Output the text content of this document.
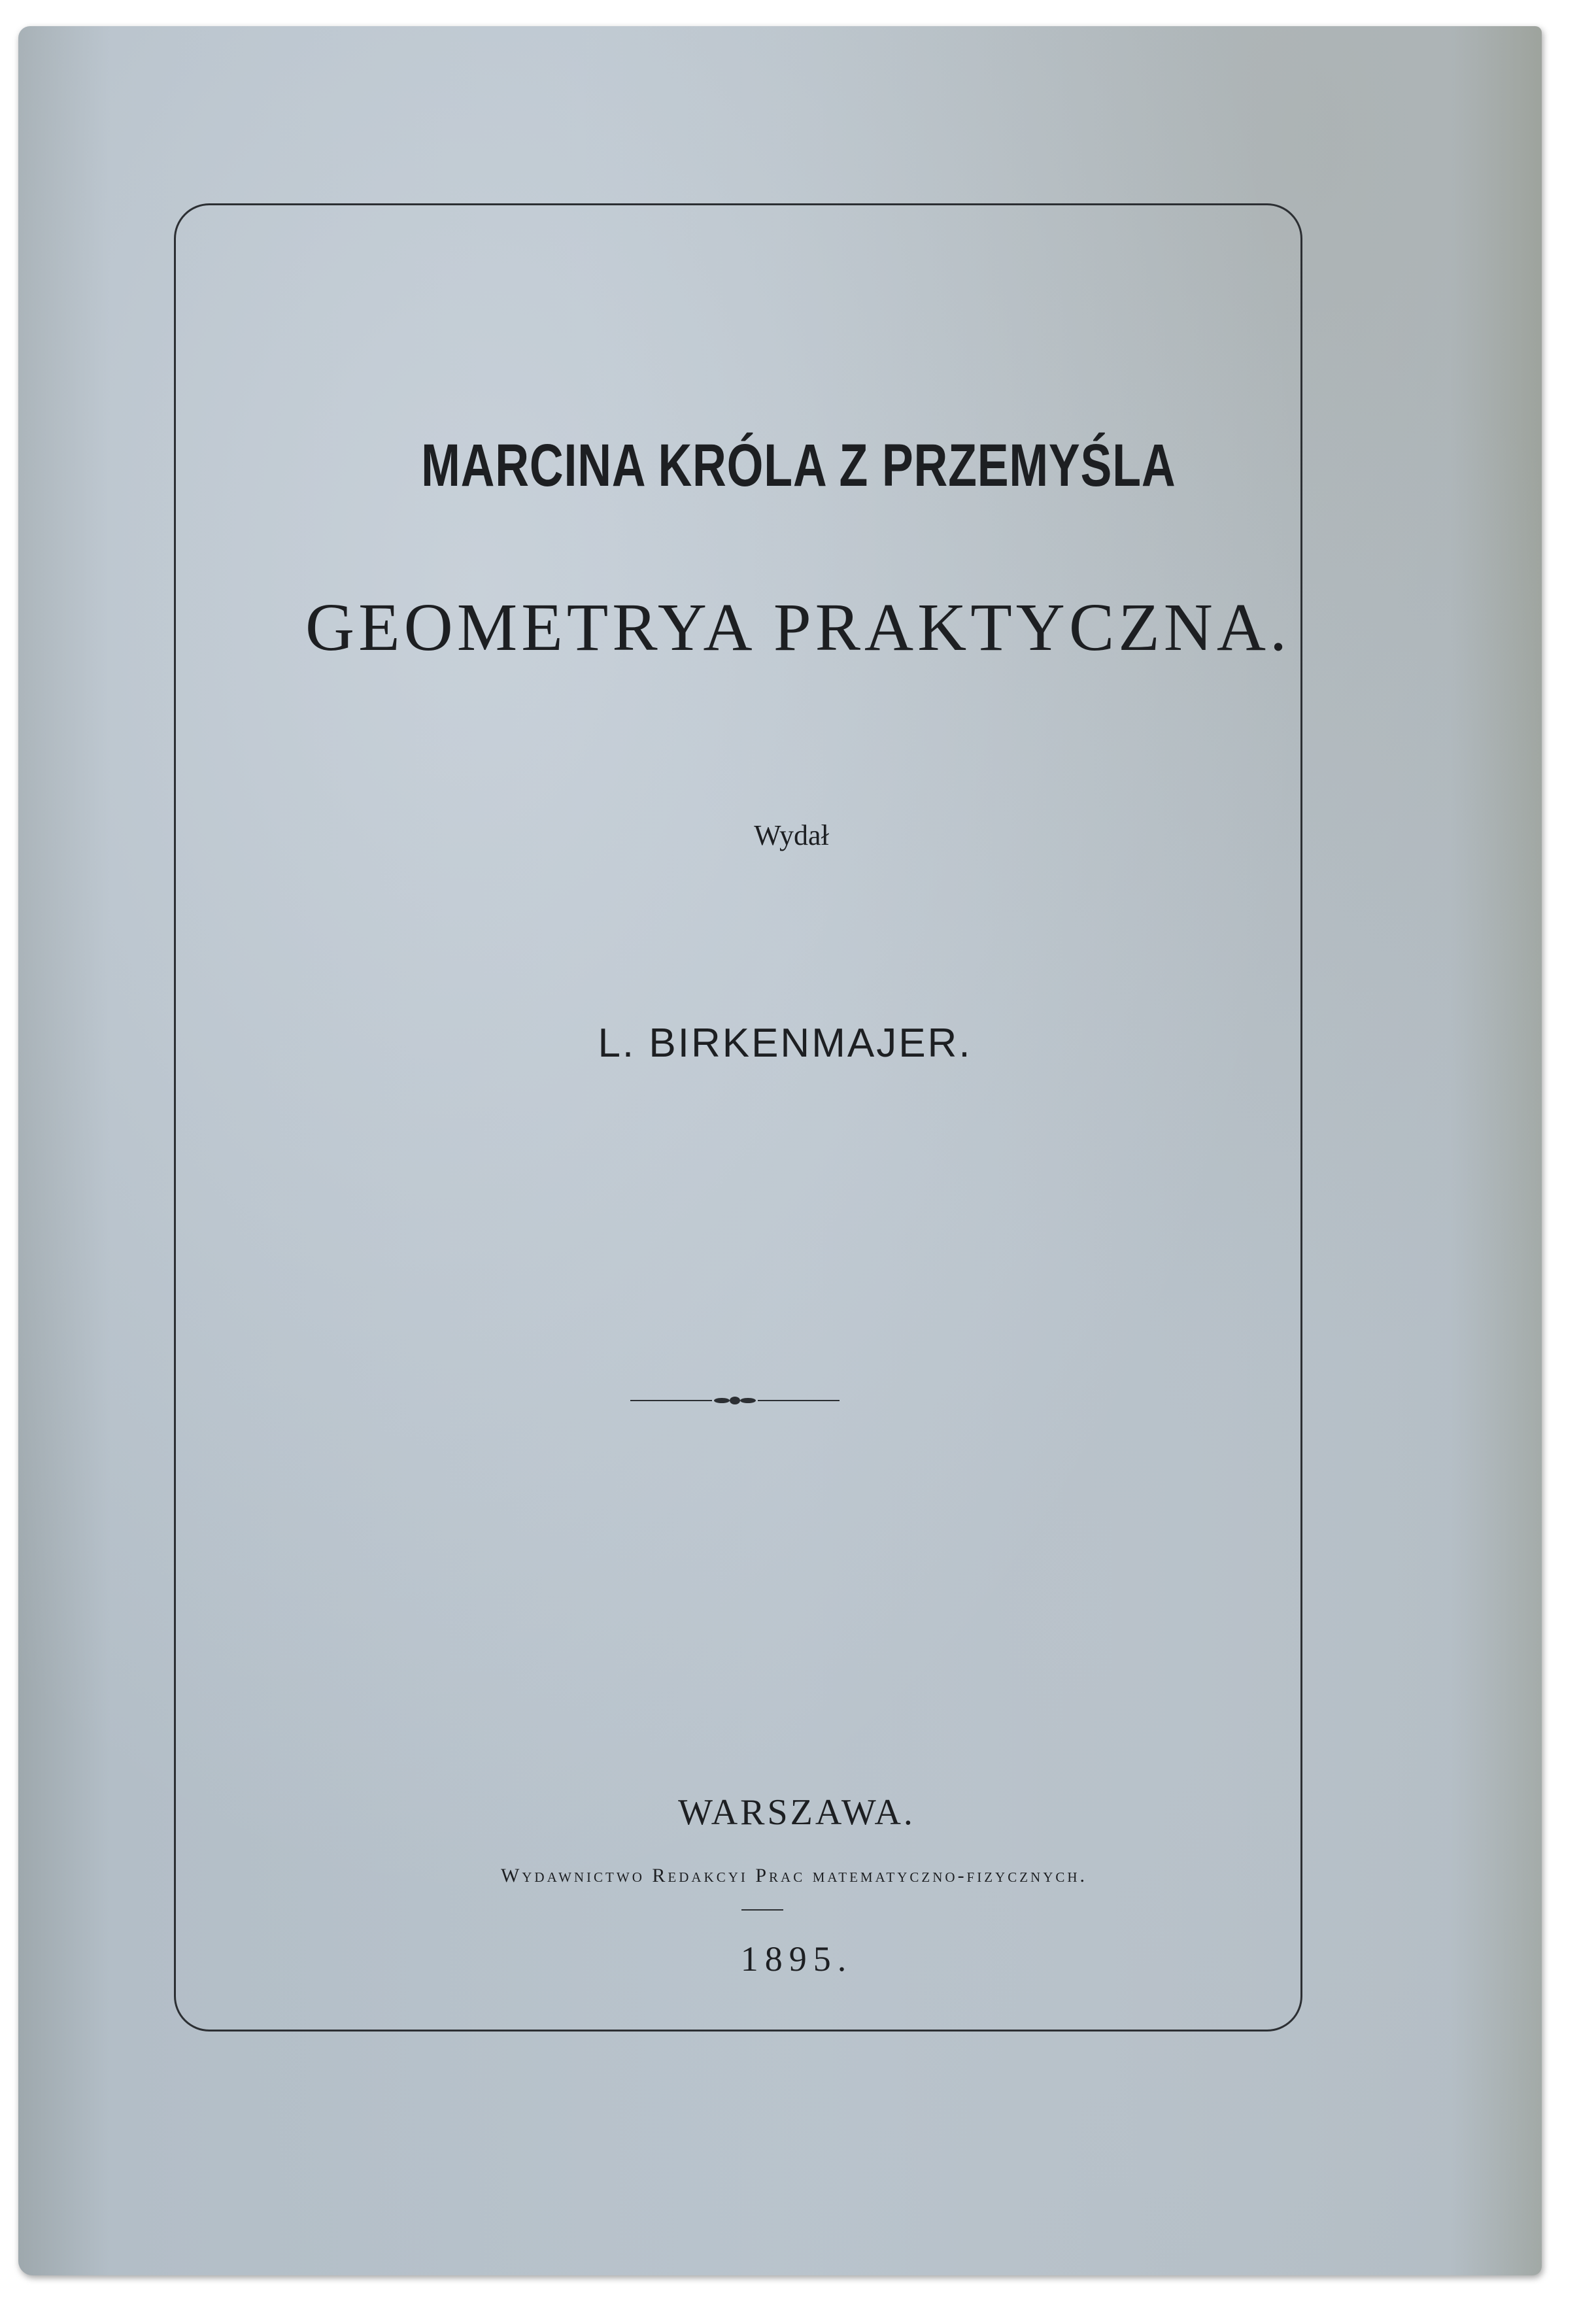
MARCINA KRÓLA Z PRZEMYŚLA
GEOMETRYA PRAKTYCZNA.
Wydał
L. BIRKENMAJER.
WARSZAWA.
Wydawnictwo Redakcyi Prac matematyczno-fizycznych.
1895.
